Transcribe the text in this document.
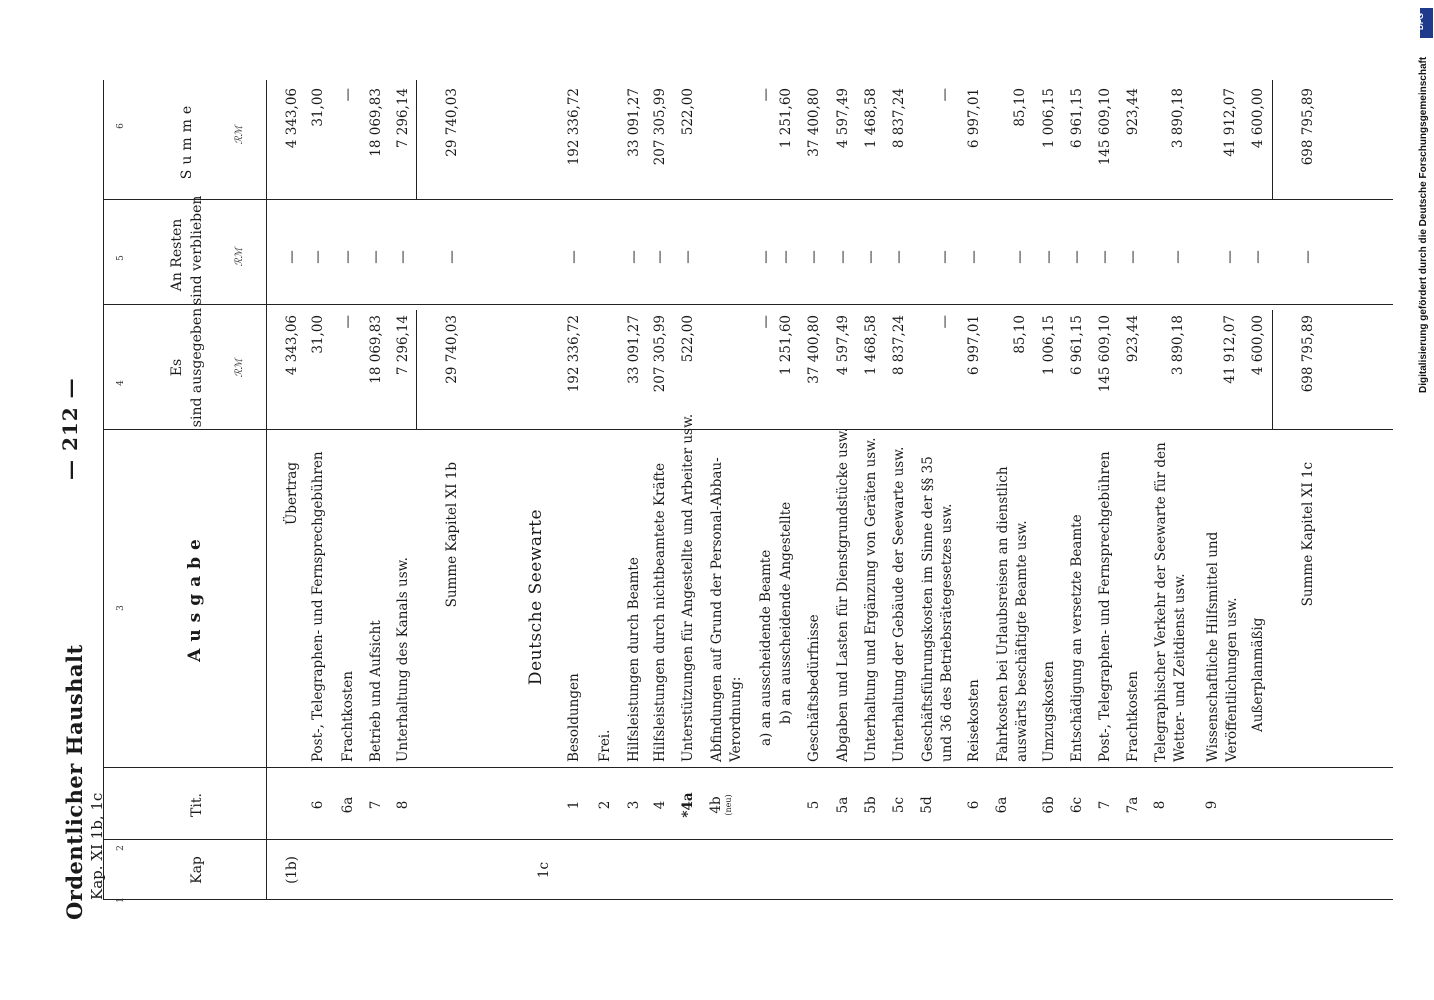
Ordentlicher Haushalt Kap. XI 1b, 1c
— 212 —
1
2
3
4
5
6
Kap
Tit.
Ausgabe
Es sind ausgegeben
An Resten sind verblieben
Summe
ℛℳ
ℛℳ
ℛℳ
(1b)
Übertrag
4 343,06
—
4 343,06
6
Post-, Telegraphen- und Fernsprechgebühren
31,00
—
31,00
6a
Frachtkosten
—
—
—
7
Betrieb und Aufsicht
18 069,83
—
18 069,83
8
Unterhaltung des Kanals usw.
7 296,14
—
7 296,14
Summe Kapitel XI 1b
29 740,03
—
29 740,03
1c
Deutsche Seewarte
1
Besoldungen
192 336,72
—
192 336,72
2
Frei.
3
Hilfsleistungen durch Beamte
33 091,27
—
33 091,27
4
Hilfsleistungen durch nichtbeamtete Kräfte
207 305,99
—
207 305,99
*4a
Unterstützungen für Angestellte und Arbeiter usw.
522,00
—
522,00
4b (neu)
Abfindungen auf Grund der Personal-Abbau-Verordnung: a) an ausscheidende Beamte
—
—
—
b) an ausscheidende Angestellte
1 251,60
—
1 251,60
5
Geschäftsbedürfnisse
37 400,80
—
37 400,80
5a
Abgaben und Lasten für Dienstgrundstücke usw.
4 597,49
—
4 597,49
5b
Unterhaltung und Ergänzung von Geräten usw.
1 468,58
—
1 468,58
5c
Unterhaltung der Gebäude der Seewarte usw.
8 837,24
—
8 837,24
5d
Geschäftsführungskosten im Sinne der §§ 35 und 36 des Betriebsrätegesetzes usw.
—
—
—
6
Reisekosten
6 997,01
—
6 997,01
6a
Fahrkosten bei Urlaubsreisen an dienstlich auswärts beschäftigte Beamte usw.
85,10
—
85,10
6b
Umzugskosten
1 006,15
—
1 006,15
6c
Entschädigung an versetzte Beamte
6 961,15
—
6 961,15
7
Post-, Telegraphen- und Fernsprechgebühren
145 609,10
—
145 609,10
7a
Frachtkosten
923,44
—
923,44
8
Telegraphischer Verkehr der Seewarte für den Wetter- und Zeitdienst usw.
3 890,18
—
3 890,18
9
Wissenschaftliche Hilfsmittel und Veröffentlichungen usw.
41 912,07
—
41 912,07
Außerplanmäßig
4 600,00
—
4 600,00
Summe Kapitel XI 1c
698 795,89
—
698 795,89
DFG
Digitalisierung gefördert durch die Deutsche Forschungsgemeinschaft
